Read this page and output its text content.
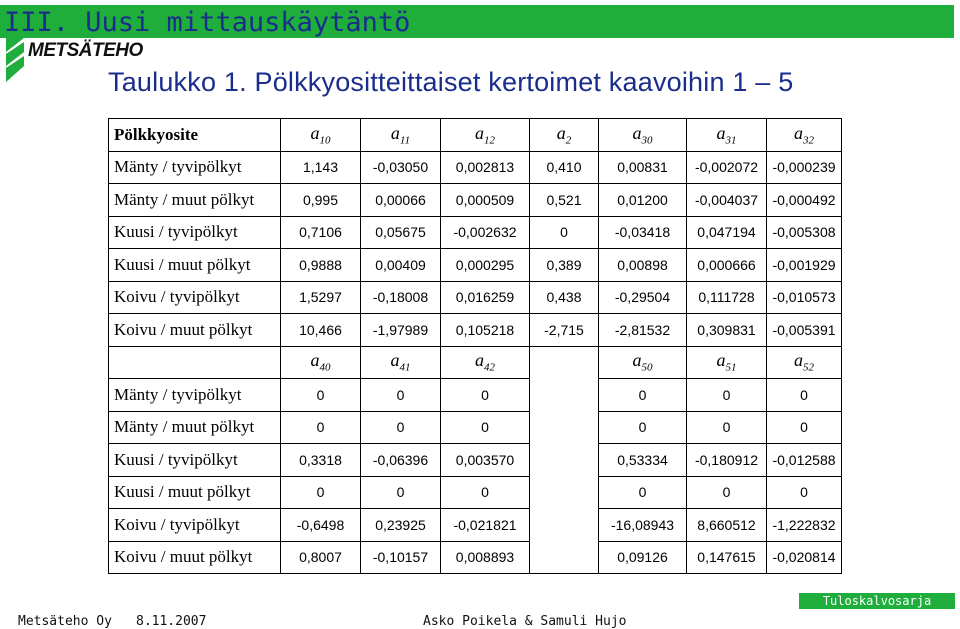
III. Uusi mittauskäytäntö
METSÄTEHO
Taulukko 1. Pölkkyositteittaiset kertoimet kaavoihin 1 – 5
Pölkkyosite	$a_{10}$	$a_{11}$	$a_{12}$	$a_2$	$a_{30}$	$a_{31}$	$a_{32}$
Mänty / tyvipölkyt	1,143	-0,03050	0,002813	0,410	0,00831	-0,002072	-0,000239
Mänty / muut pölkyt	0,995	0,00066	0,000509	0,521	0,01200	-0,004037	-0,000492
Kuusi / tyvipölkyt	0,7106	0,05675	-0,002632	0	-0,03418	0,047194	-0,005308
Kuusi / muut pölkyt	0,9888	0,00409	0,000295	0,389	0,00898	0,000666	-0,001929
Koivu / tyvipölkyt	1,5297	-0,18008	0,016259	0,438	-0,29504	0,111728	-0,010573
Koivu / muut pölkyt	10,466	-1,97989	0,105218	-2,715	-2,81532	0,309831	-0,005391
	$a_{40}$	$a_{41}$	$a_{42}$		$a_{50}$	$a_{51}$	$a_{52}$
Mänty / tyvipölkyt	0	0	0		0	0	0
Mänty / muut pölkyt	0	0	0		0	0	0
Kuusi / tyvipölkyt	0,3318	-0,06396	0,003570		0,53334	-0,180912	-0,012588
Kuusi / muut pölkyt	0	0	0		0	0	0
Koivu / tyvipölkyt	-0,6498	0,23925	-0,021821		-16,08943	8,660512	-1,222832
Koivu / muut pölkyt	0,8007	-0,10157	0,008893		0,09126	0,147615	-0,020814
Metsäteho Oy 8.11.2007	Asko Poikela & Samuli Hujo
Tuloskalvosarja
